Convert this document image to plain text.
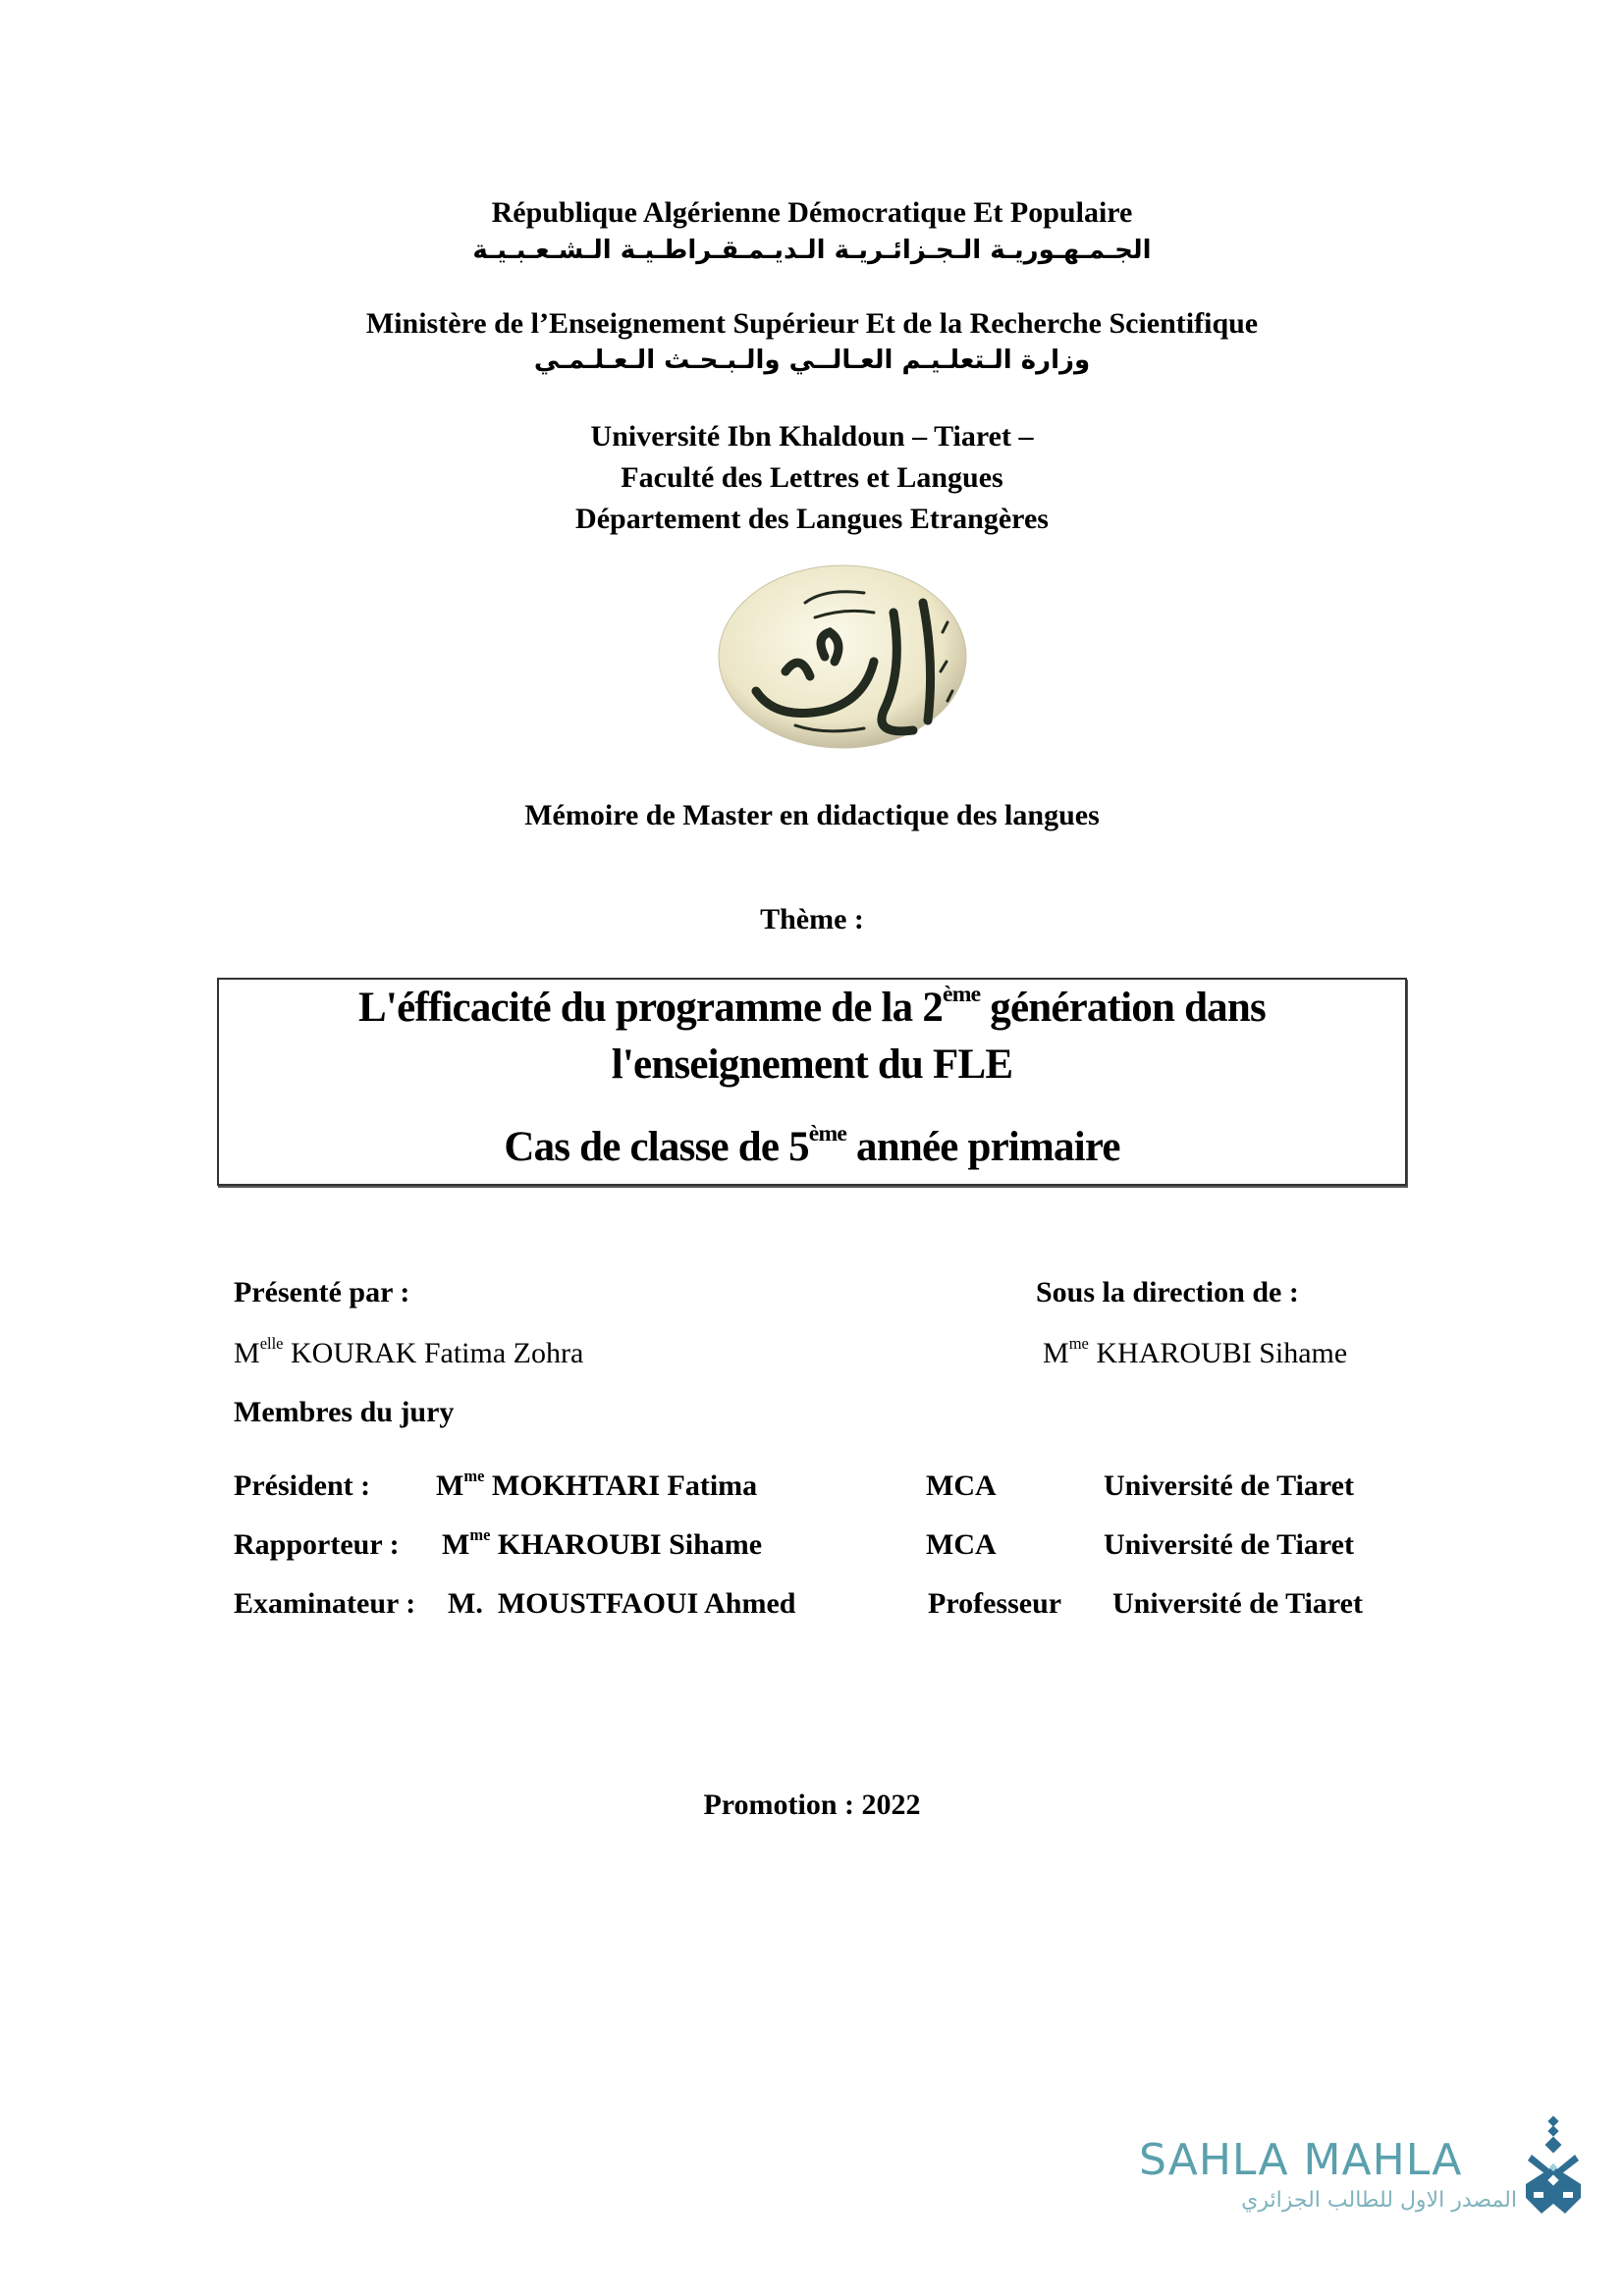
République Algérienne Démocratique Et Populaire
الجـمـهـوريـة الـجـزائـريـة الـديـمـقـراطـيـة الـشـعـبـيـة
Ministère de l’Enseignement Supérieur Et de la Recherche Scientifique
وزارة الـتعلـيـم العـالــي والـبـحـث الـعـلـمـي
Université Ibn Khaldoun – Tiaret –
Faculté des Lettres et Langues
Département des Langues Etrangères
Mémoire de Master en didactique des langues
Thème :
L'éfficacité du programme de la 2ème génération dans
l'enseignement du FLE
Cas de classe de 5ème année primaire
Présenté par :	Sous la direction de :
$M^{elle}$ KOURAK Fatima Zohra	$M^{me}$ KHAROUBI Sihame
Membres du jury
Président : $M^{me}$ MOKHTARI Fatima	MCA	Université de Tiaret
Rapporteur : $M^{me}$ KHAROUBI Sihame	MCA	Université de Tiaret
Examinateur : M.  MOUSTFAOUI Ahmed	Professeur Université de Tiaret
Promotion : 2022
SAHLA MAHLA
المصدر الاول للطالب الجزائري
